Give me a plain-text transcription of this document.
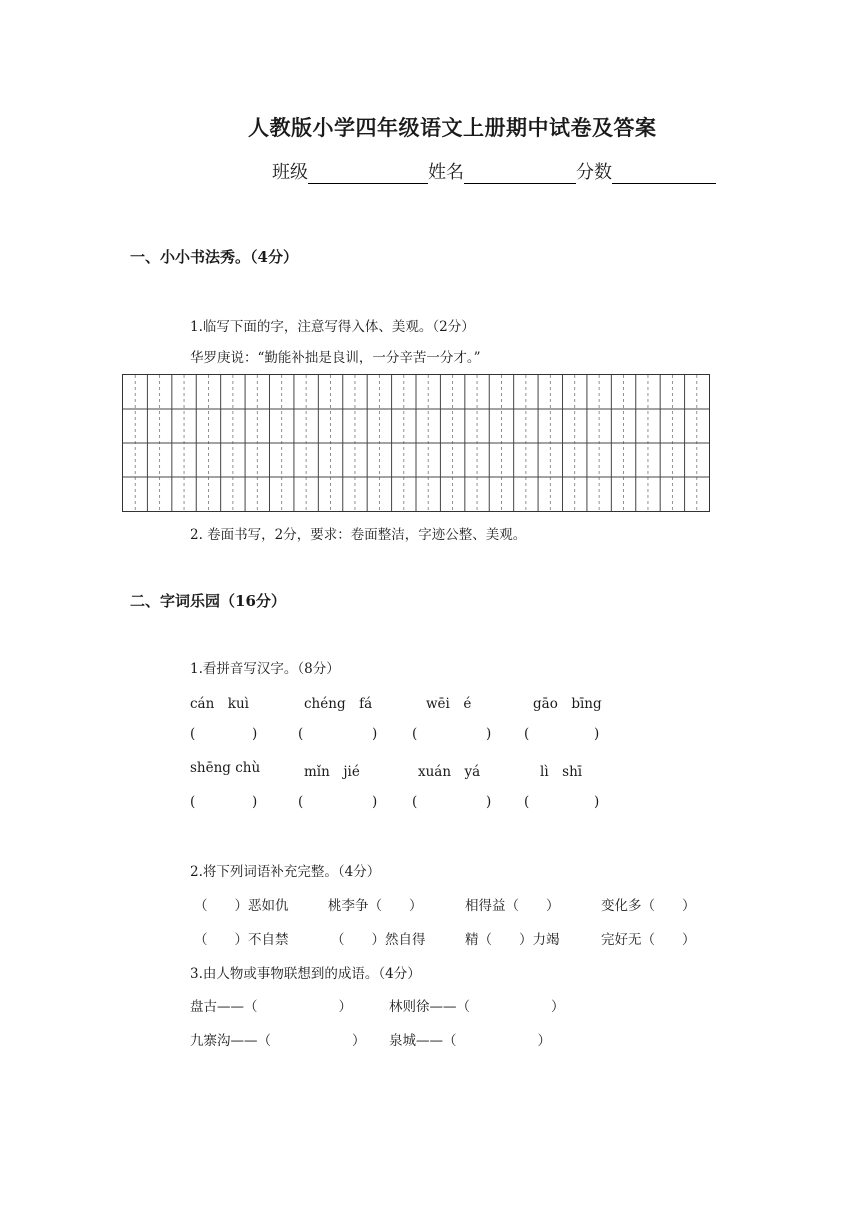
人教版小学四年级语文上册期中试卷及答案
班级	姓名	分数
一、小小书法秀。（4分）
1.临写下面的字，注意写得入体、美观。（2分）
华罗庚说：“勤能补拙是良训，一分辛苦一分才。”
2. 卷面书写，2分，要求：卷面整洁，字迹公整、美观。
二、字词乐园（16分）
1.看拼音写汉字。（8分）
cán　kuì	chéng　fá	wēi　é	gāo　bīng
(	)	(	)	(	) (	)
shēng chù	mǐn　jié	xuán　yá	lì　shī
(	)	(	)	(	) (	)
2.将下列词语补充完整。（4分）
（　　）恶如仇	桃李争（　　）	相得益（　　）	变化多（　　）
（　　）不自禁	（　　）然自得	精（　　）力竭	完好无（　　）
3.由人物或事物联想到的成语。（4分）
盘古——（　　　　　　）	林则徐——（　　　　　　）
九寨沟——（　　　　　　） 泉城——（　　　　　　）
